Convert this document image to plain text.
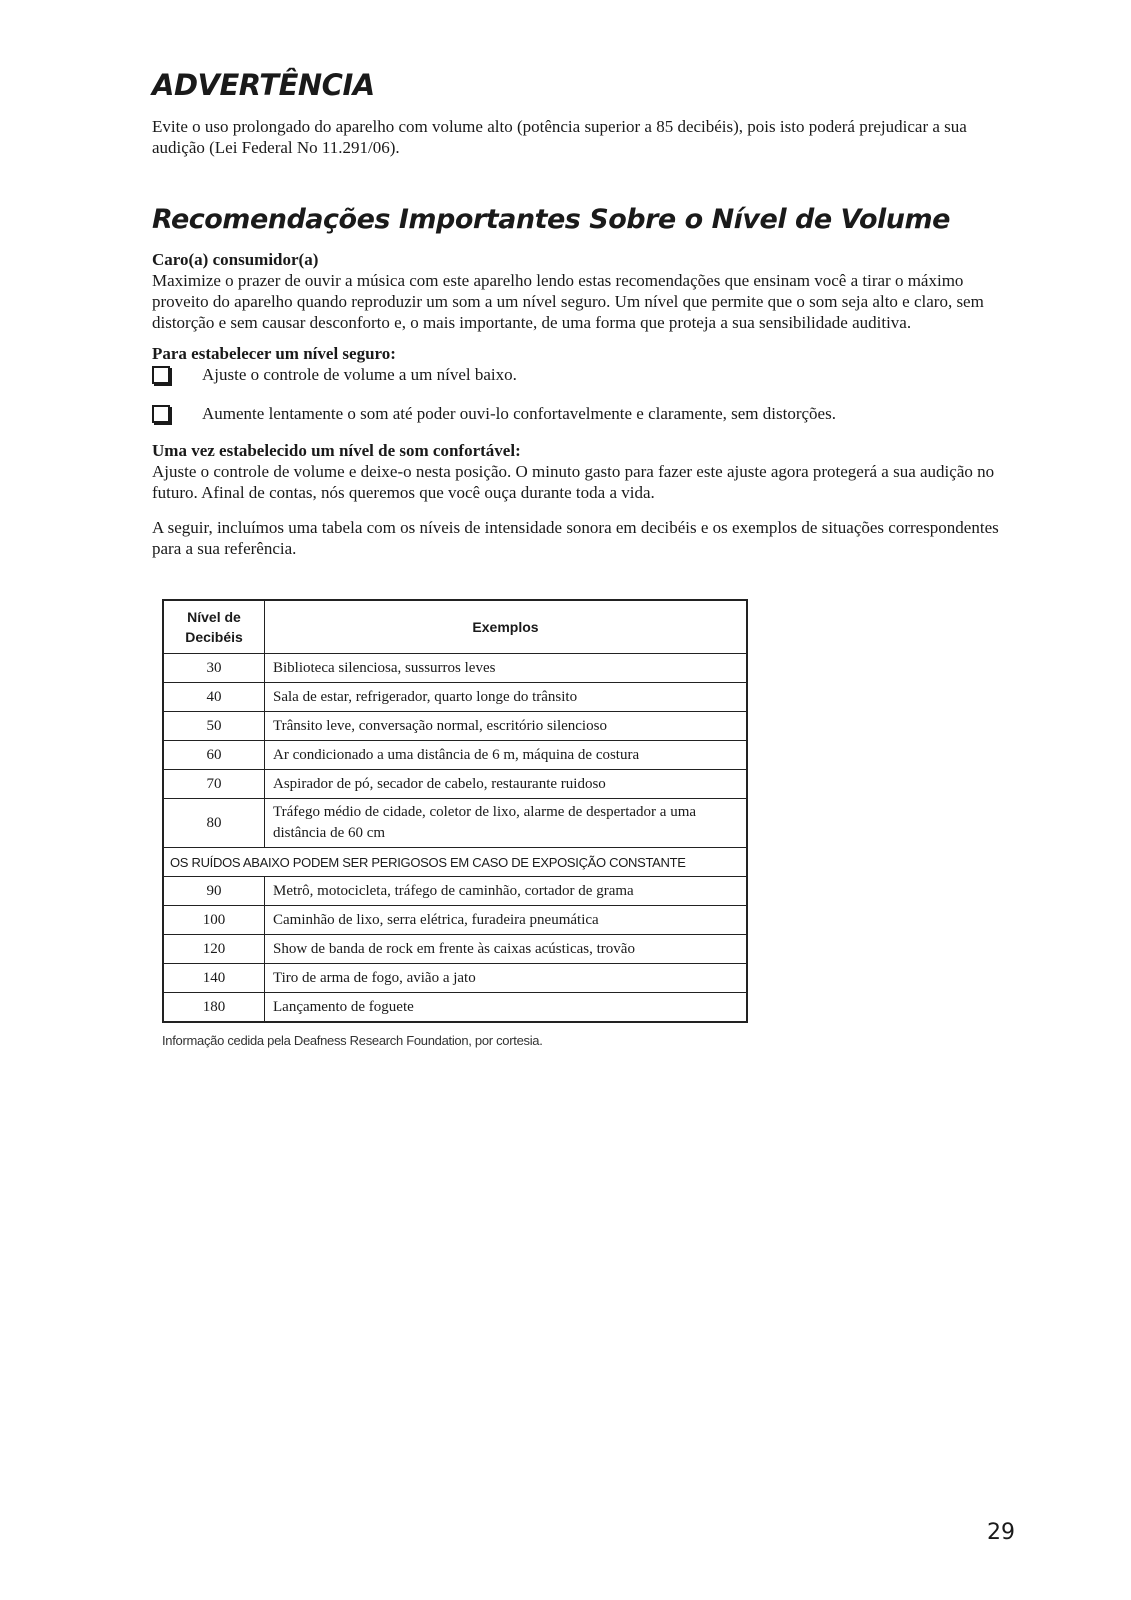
ADVERTÊNCIA

Evite o uso prolongado do aparelho com volume alto (potência superior a 85 decibéis), pois isto poderá prejudicar a sua audição (Lei Federal No 11.291/06).

Recomendações Importantes Sobre o Nível de Volume

Caro(a) consumidor(a)

Maximize o prazer de ouvir a música com este aparelho lendo estas recomendações que ensinam você a tirar o máximo proveito do aparelho quando reproduzir um som a um nível seguro. Um nível que permite que o som seja alto e claro, sem distorção e sem causar desconforto e, o mais importante, de uma forma que proteja a sua sensibilidade auditiva.

Para estabelecer um nível seguro:

Ajuste o controle de volume a um nível baixo.
Aumente lentamente o som até poder ouvi-lo confortavelmente e claramente, sem distorções.

Uma vez estabelecido um nível de som confortável:

Ajuste o controle de volume e deixe-o nesta posição. O minuto gasto para fazer este ajuste agora protegerá a sua audição no futuro. Afinal de contas, nós queremos que você ouça durante toda a vida.

A seguir, incluímos uma tabela com os níveis de intensidade sonora em decibéis e os exemplos de situações correspondentes para a sua referência.

Nível de
Decibéis	Exemplos
30	Biblioteca silenciosa, sussurros leves
40	Sala de estar, refrigerador, quarto longe do trânsito
50	Trânsito leve, conversação normal, escritório silencioso
60	Ar condicionado a uma distância de 6 m, máquina de costura
70	Aspirador de pó, secador de cabelo, restaurante ruidoso
80	Tráfego médio de cidade, coletor de lixo, alarme de despertador a uma distância de 60 cm
OS RUÍDOS ABAIXO PODEM SER PERIGOSOS EM CASO DE EXPOSIÇÃO CONSTANTE	
90	Metrô, motocicleta, tráfego de caminhão, cortador de grama
100	Caminhão de lixo, serra elétrica, furadeira pneumática
120	Show de banda de rock em frente às caixas acústicas, trovão
140	Tiro de arma de fogo, avião a jato
180	Lançamento de foguete
Informação cedida pela Deafness Research Foundation, por cortesia.
29
